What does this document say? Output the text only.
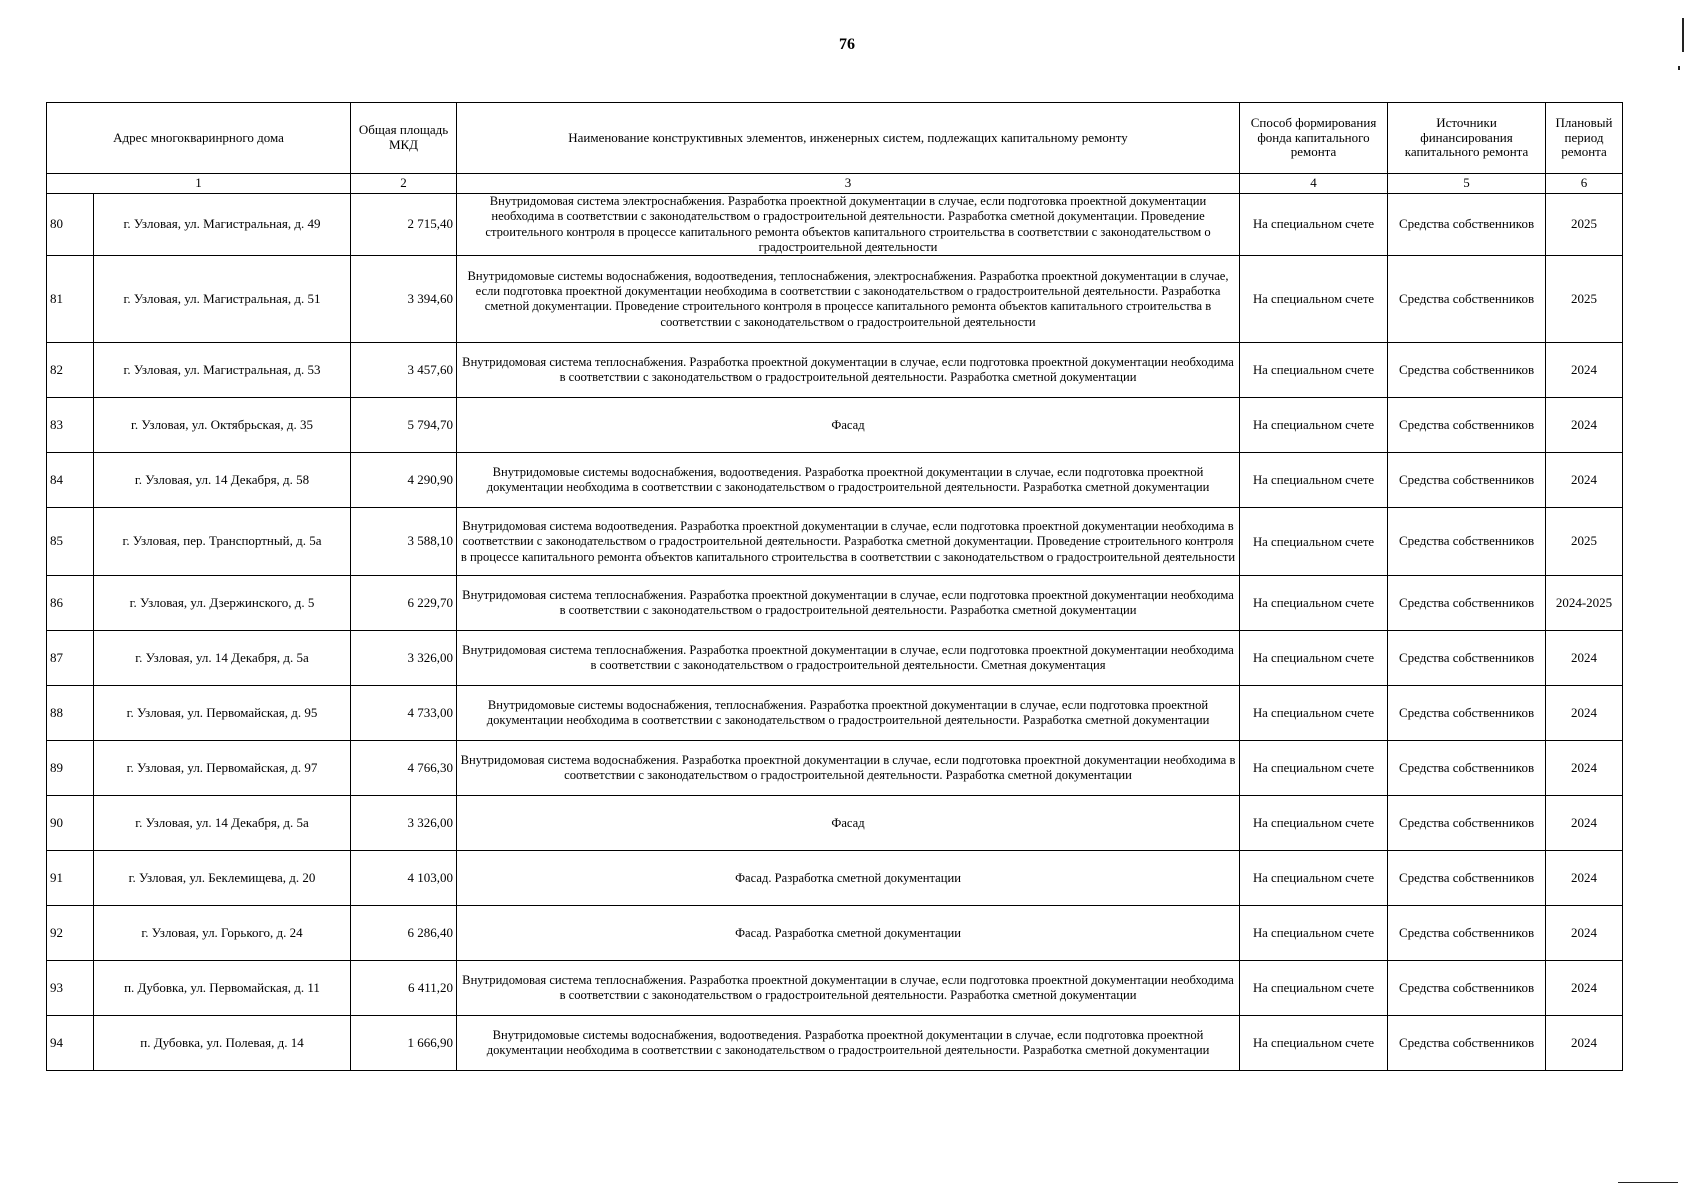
76
Адрес многокваринрного дома		Общая площадь МКД	Наименование конструктивных элементов, инженерных систем, подлежащих капитальному ремонту	Способ формирования фонда капитального ремонта	Источники финансирования капитального ремонта	Плановый период ремонта
1		2	3	4	5	6
80	г. Узловая, ул. Магистральная, д. 49	2 715,40	Внутридомовая система электроснабжения. Разработка проектной документации в случае, если подготовка проектной документации необходима в соответствии с законодательством о градостроительной деятельности. Разработка сметной документации. Проведение строительного контроля в процессе капитального ремонта объектов капитального строительства в соответствии с законодательством о градостроительной деятельности	На специальном счете	Средства собственников	2025
81	г. Узловая, ул. Магистральная, д. 51	3 394,60	Внутридомовые системы водоснабжения, водоотведения, теплоснабжения, электроснабжения. Разработка проектной документации в случае, если подготовка проектной документации необходима в соответствии с законодательством о градостроительной деятельности. Разработка сметной документации. Проведение строительного контроля в процессе капитального ремонта объектов капитального строительства в соответствии с законодательством о градостроительной деятельности	На специальном счете	Средства собственников	2025
82	г. Узловая, ул. Магистральная, д. 53	3 457,60	Внутридомовая система теплоснабжения. Разработка проектной документации в случае, если подготовка проектной документации необходима в соответствии с законодательством о градостроительной деятельности. Разработка сметной документации	На специальном счете	Средства собственников	2024
83	г. Узловая, ул. Октябрьская, д. 35	5 794,70	Фасад	На специальном счете	Средства собственников	2024
84	г. Узловая, ул. 14 Декабря, д. 58	4 290,90	Внутридомовые системы водоснабжения, водоотведения. Разработка проектной документации в случае, если подготовка проектной документации необходима в соответствии с законодательством о градостроительной деятельности. Разработка сметной документации	На специальном счете	Средства собственников	2024
85	г. Узловая, пер. Транспортный, д. 5а	3 588,10	Внутридомовая система водоотведения. Разработка проектной документации в случае, если подготовка проектной документации необходима в соответствии с законодательством о градостроительной деятельности. Разработка сметной документации. Проведение строительного контроля в процессе капитального ремонта объектов капитального строительства в соответствии с законодательством о градостроительной деятельности	На специальном счете	Средства собственников	2025
86	г. Узловая, ул. Дзержинского, д. 5	6 229,70	Внутридомовая система теплоснабжения. Разработка проектной документации в случае, если подготовка проектной документации необходима в соответствии с законодательством о градостроительной деятельности. Разработка сметной документации	На специальном счете	Средства собственников	2024-2025
87	г. Узловая, ул. 14 Декабря, д. 5а	3 326,00	Внутридомовая система теплоснабжения. Разработка проектной документации в случае, если подготовка проектной документации необходима в соответствии с законодательством о градостроительной деятельности. Сметная документация	На специальном счете	Средства собственников	2024
88	г. Узловая, ул. Первомайская, д. 95	4 733,00	Внутридомовые системы водоснабжения, теплоснабжения. Разработка проектной документации в случае, если подготовка проектной документации необходима в соответствии с законодательством о градостроительной деятельности. Разработка сметной документации	На специальном счете	Средства собственников	2024
89	г. Узловая, ул. Первомайская, д. 97	4 766,30	Внутридомовая система водоснабжения. Разработка проектной документации в случае, если подготовка проектной документации необходима в соответствии с законодательством о градостроительной деятельности. Разработка сметной документации	На специальном счете	Средства собственников	2024
90	г. Узловая, ул. 14 Декабря, д. 5а	3 326,00	Фасад	На специальном счете	Средства собственников	2024
91	г. Узловая, ул. Беклемищева, д. 20	4 103,00	Фасад. Разработка сметной документации	На специальном счете	Средства собственников	2024
92	г. Узловая, ул. Горького, д. 24	6 286,40	Фасад. Разработка сметной документации	На специальном счете	Средства собственников	2024
93	п. Дубовка, ул. Первомайская, д. 11	6 411,20	Внутридомовая система теплоснабжения. Разработка проектной документации в случае, если подготовка проектной документации необходима в соответствии с законодательством о градостроительной деятельности. Разработка сметной документации	На специальном счете	Средства собственников	2024
94	п. Дубовка, ул. Полевая, д. 14	1 666,90	Внутридомовые системы водоснабжения, водоотведения. Разработка проектной документации в случае, если подготовка проектной документации необходима в соответствии с законодательством о градостроительной деятельности. Разработка сметной документации	На специальном счете	Средства собственников	2024
